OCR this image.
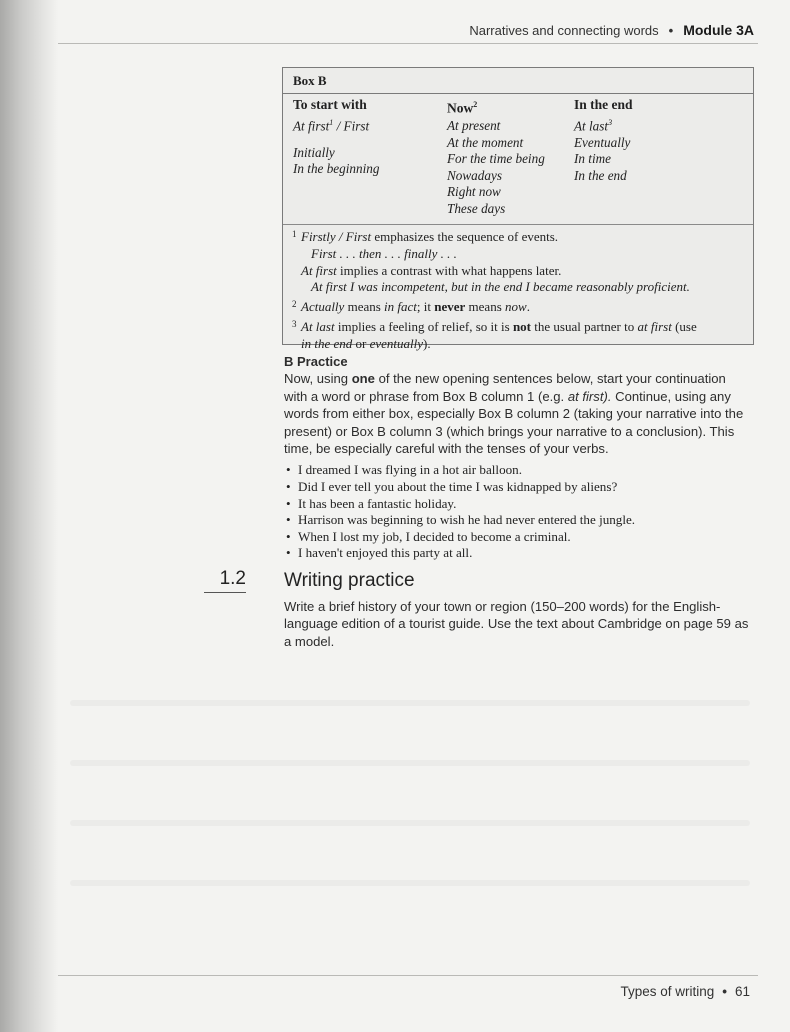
Narratives and connecting words • Module 3A
Box B
To start with
At first$^1$ / First
Initially
In the beginning
Now$^2$
At present
At the moment
For the time being
Nowadays
Right now
These days
In the end
At last$^3$
Eventually
In time
In the end
1 Firstly / First emphasizes the sequence of events.

First . . . then . . . finally . . .

At first implies a contrast with what happens later.

At first I was incompetent, but in the end I became reasonably proficient.

2 Actually means in fact; it never means now.

3 At last implies a feeling of relief, so it is not the usual partner to at first (use
in the end or eventually).

B Practice

Now, using one of the new opening sentences below, start your continuation with a word or phrase from Box B column 1 (e.g. at first). Continue, using any words from either box, especially Box B column 2 (taking your narrative into the present) or Box B column 3 (which brings your narrative to a conclusion). This time, be especially careful with the tenses of your verbs.

• I dreamed I was flying in a hot air balloon.
• Did I ever tell you about the time I was kidnapped by aliens?
• It has been a fantastic holiday.
• Harrison was beginning to wish he had never entered the jungle.
• When I lost my job, I decided to become a criminal.
• I haven't enjoyed this party at all.
1.2 Writing practice
Write a brief history of your town or region (150–200 words) for the English-language edition of a tourist guide. Use the text about Cambridge on page 59 as a model.
Types of writing • 61
